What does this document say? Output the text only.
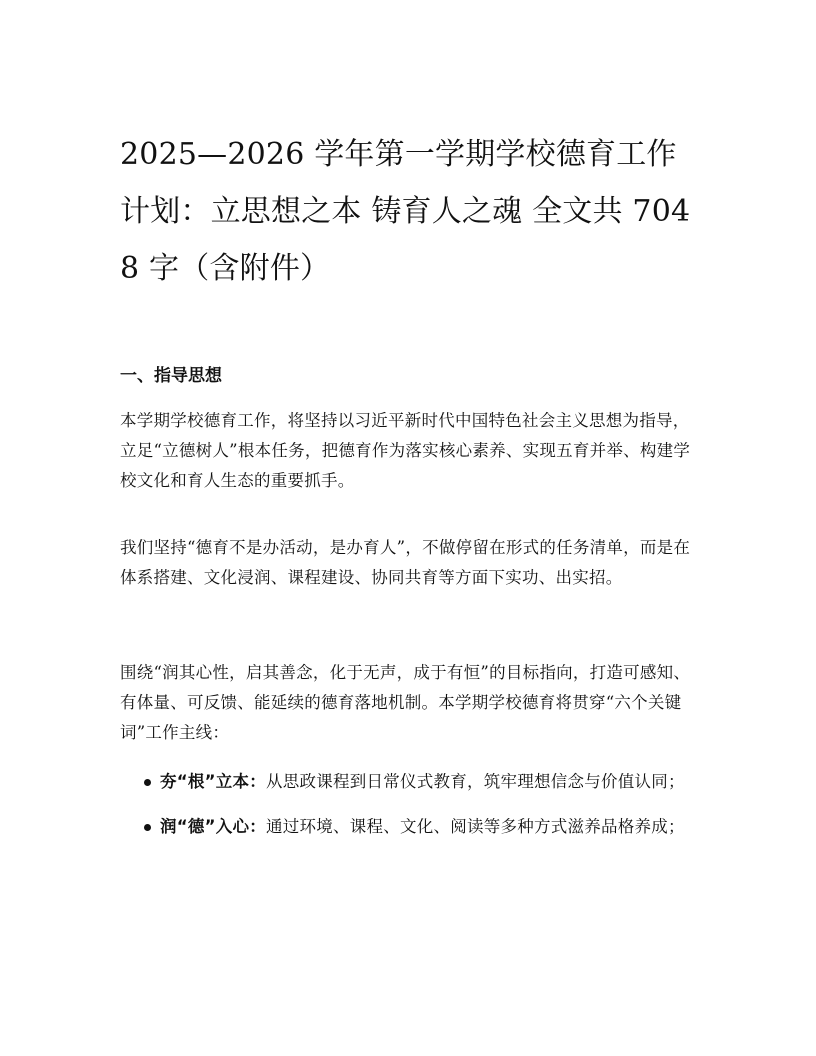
2025—2026 学年第一学期学校德育工作计划：立思想之本 铸育人之魂 全文共 7048 字（含附件）
一、指导思想

本学期学校德育工作，将坚持以习近平新时代中国特色社会主义思想为指导，立足“立德树人”根本任务，把德育作为落实核心素养、实现五育并举、构建学校文化和育人生态的重要抓手。

我们坚持“德育不是办活动，是办育人”，不做停留在形式的任务清单，而是在体系搭建、文化浸润、课程建设、协同共育等方面下实功、出实招。

围绕“润其心性，启其善念，化于无声，成于有恒”的目标指向，打造可感知、有体量、可反馈、能延续的德育落地机制。本学期学校德育将贯穿“六个关键词”工作主线：

夯“根”立本：从思政课程到日常仪式教育，筑牢理想信念与价值认同；
润“德”入心：通过环境、课程、文化、阅读等多种方式滋养品格养成；
